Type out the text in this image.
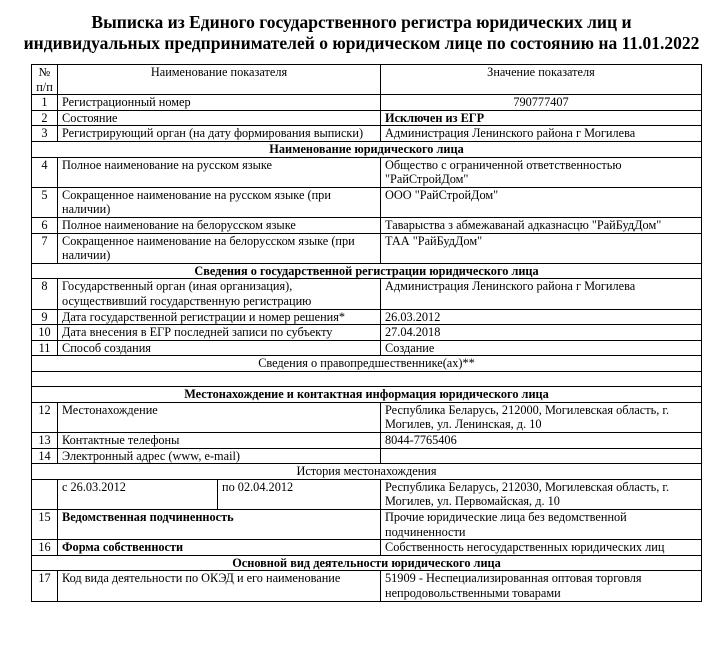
Выписка из Единого государственного регистра юридических лиц и
индивидуальных предпринимателей о юридическом лице по состоянию на 11.01.2022
№
п/п	Наименование показателя		Значение показателя
1	Регистрационный номер		790777407
2	Состояние		Исключен из ЕГР
3	Регистрирующий орган (на дату формирования выписки)		Администрация Ленинского района г Могилева
Наименование юридического лица			
4	Полное наименование на русском языке		Общество с ограниченной ответственностью "РайСтройДом"
5	Сокращенное наименование на русском языке (при наличии)		ООО "РайСтройДом"
6	Полное наименование на белорусском языке		Таварыства з абмежаванай адказнасцю "РайБудДом"
7	Сокращенное наименование на белорусском языке (при наличии)		ТАА "РайБудДом"
Сведения о государственной регистрации юридического лица			
8	Государственный орган (иная организация), осуществивший государственную регистрацию		Администрация Ленинского района г Могилева
9	Дата государственной регистрации и номер решения*		26.03.2012
10	Дата внесения в ЕГР последней записи по субъекту		27.04.2018
11	Способ создания		Создание
Сведения о правопредшественнике(ах)**			

Местонахождение и контактная информация юридического лица			
12	Местонахождение		Республика Беларусь, 212000, Могилевская область, г. Могилев, ул. Ленинская, д. 10
13	Контактные телефоны		8044-7765406
14	Электронный адрес (www, e-mail)		
История местонахождения			
	с 26.03.2012	по 02.04.2012	Республика Беларусь, 212030, Могилевская область, г. Могилев, ул. Первомайская, д. 10
15	Ведомственная подчиненность		Прочие юридические лица без ведомственной подчиненности
16	Форма собственности		Собственность негосударственных юридических лиц
Основной вид деятельности юридического лица			
17	Код вида деятельности по ОКЭД и его наименование		51909 - Неспециализированная оптовая торговля непродовольственными товарами
